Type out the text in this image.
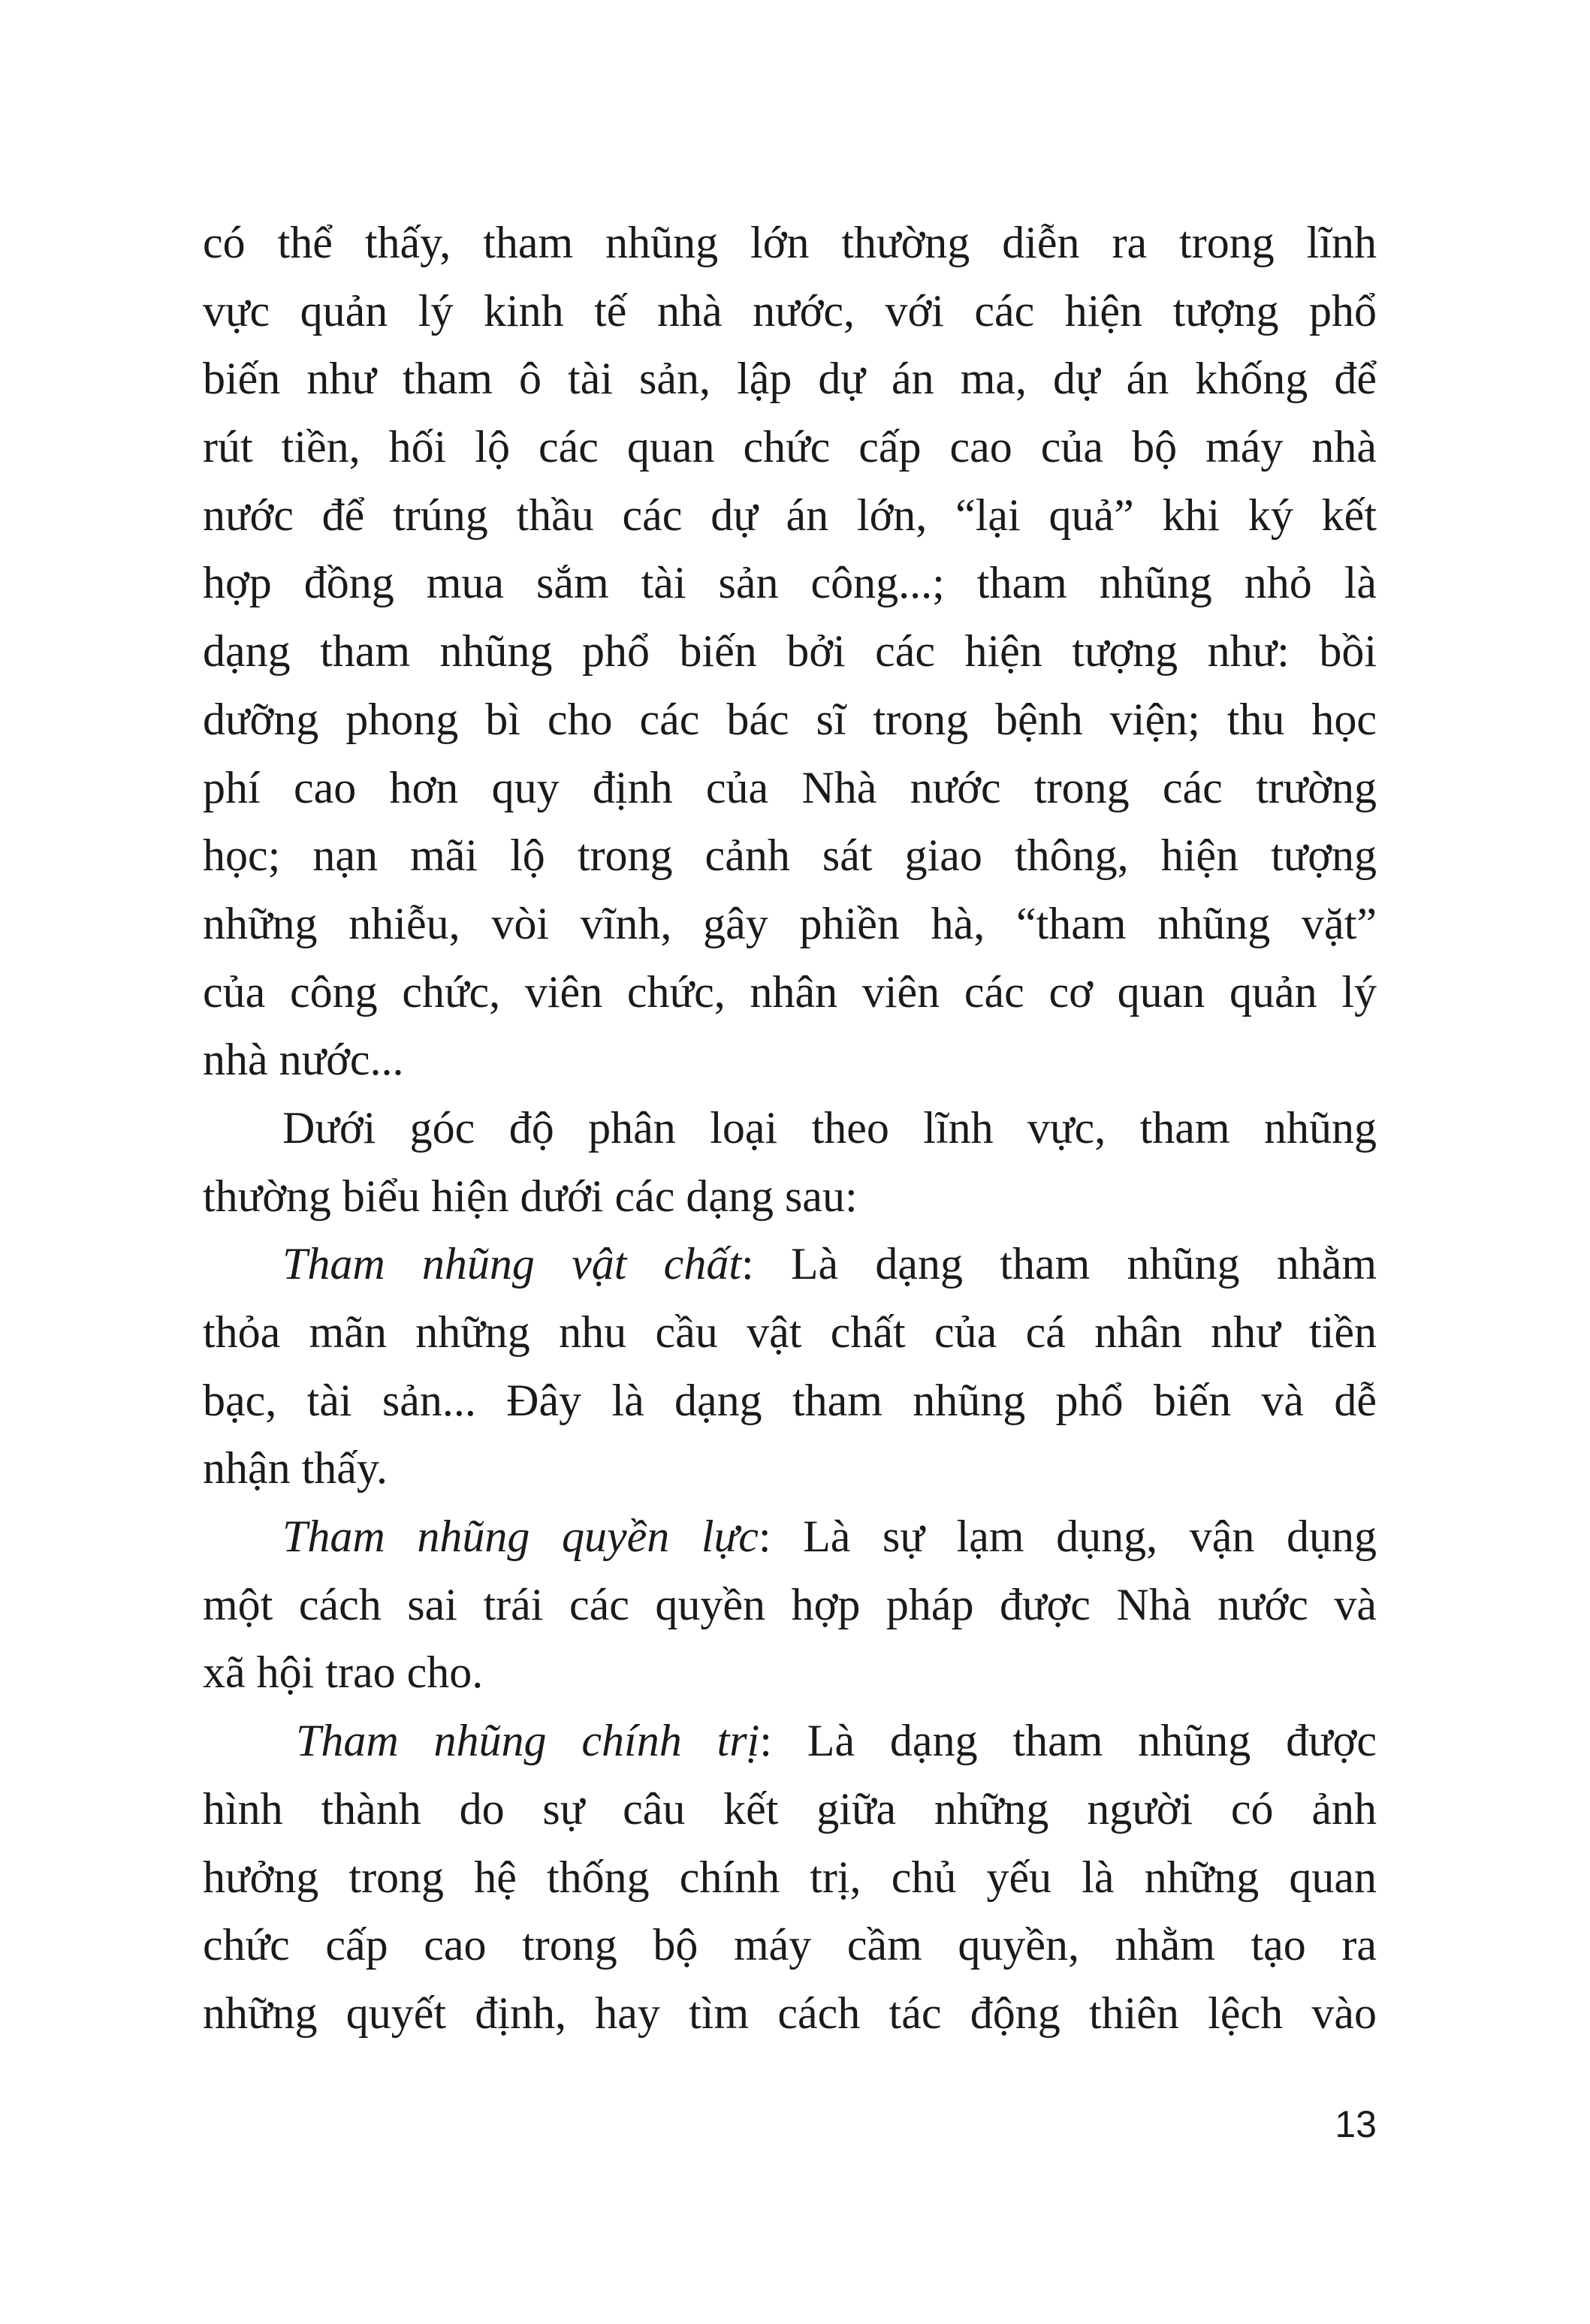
có thể thấy, tham nhũng lớn thường diễn ra trong lĩnh
vực quản lý kinh tế nhà nước, với các hiện tượng phổ
biến như tham ô tài sản, lập dự án ma, dự án khống để
rút tiền, hối lộ các quan chức cấp cao của bộ máy nhà
nước để trúng thầu các dự án lớn, “lại quả” khi ký kết
hợp đồng mua sắm tài sản công...; tham nhũng nhỏ là
dạng tham nhũng phổ biến bởi các hiện tượng như: bồi
dưỡng phong bì cho các bác sĩ trong bệnh viện; thu học
phí cao hơn quy định của Nhà nước trong các trường
học; nạn mãi lộ trong cảnh sát giao thông, hiện tượng
những nhiễu, vòi vĩnh, gây phiền hà, “tham nhũng vặt”
của công chức, viên chức, nhân viên các cơ quan quản lý
nhà nước...
Dưới góc độ phân loại theo lĩnh vực, tham nhũng
thường biểu hiện dưới các dạng sau:
Tham nhũng vật chất: Là dạng tham nhũng nhằm
thỏa mãn những nhu cầu vật chất của cá nhân như tiền
bạc, tài sản... Đây là dạng tham nhũng phổ biến và dễ
nhận thấy.
Tham nhũng quyền lực: Là sự lạm dụng, vận dụng
một cách sai trái các quyền hợp pháp được Nhà nước và
xã hội trao cho.
Tham nhũng chính trị: Là dạng tham nhũng được
hình thành do sự câu kết giữa những người có ảnh
hưởng trong hệ thống chính trị, chủ yếu là những quan
chức cấp cao trong bộ máy cầm quyền, nhằm tạo ra
những quyết định, hay tìm cách tác động thiên lệch vào
13
